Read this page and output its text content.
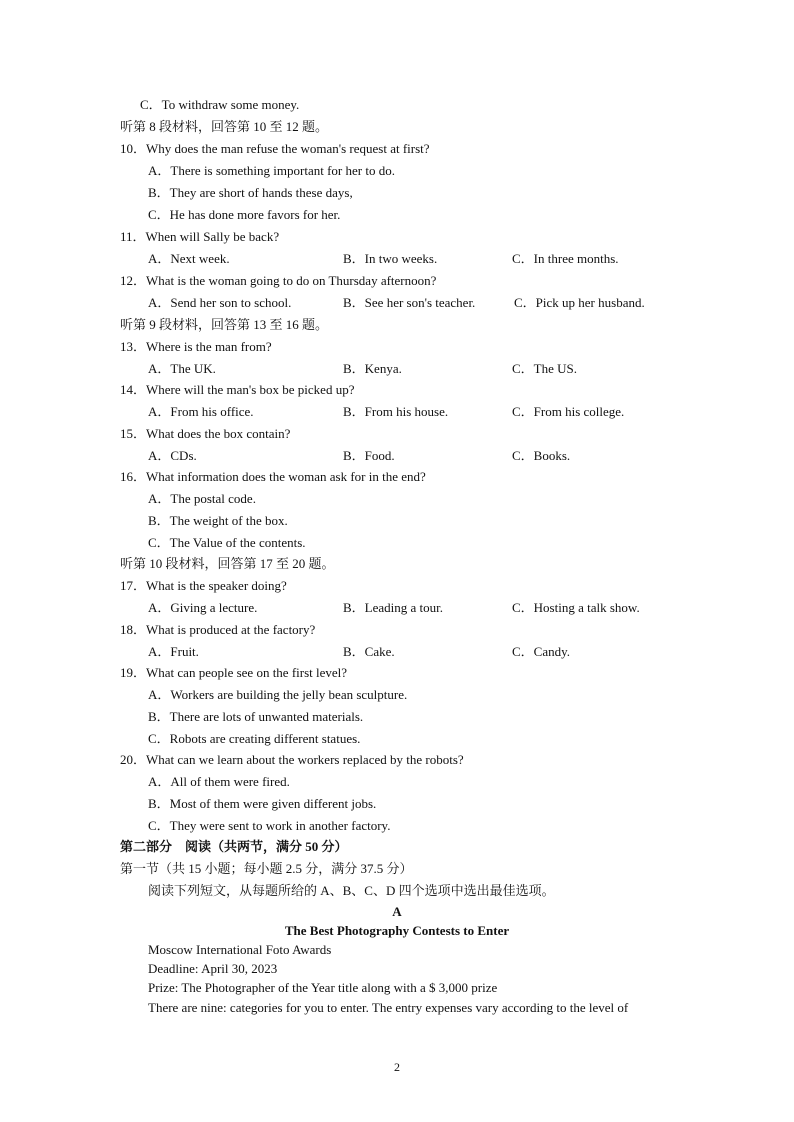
C．To withdraw some money.
听第 8 段材料，回答第 10 至 12 题。
10．Why does the man refuse the woman's request at first?
A．There is something important for her to do.
B．They are short of hands these days,
C．He has done more favors for her.
11．When will Sally be back?
A．Next week.	B．In two weeks.	C．In three months.
12．What is the woman going to do on Thursday afternoon?
A．Send her son to school.	B．See her son's teacher.	C．Pick up her husband.
听第 9 段材料，回答第 13 至 16 题。
13．Where is the man from?
A．The UK.	B．Kenya.	C．The US.
14．Where will the man's box be picked up?
A．From his office.	B．From his house.	C．From his college.
15．What does the box contain?
A．CDs.	B．Food.	C．Books.
16．What information does the woman ask for in the end?
A．The postal code.
B．The weight of the box.
C．The Value of the contents.
听第 10 段材料，回答第 17 至 20 题。
17．What is the speaker doing?
A．Giving a lecture.	B．Leading a tour.	C．Hosting a talk show.
18．What is produced at the factory?
A．Fruit.	B．Cake.	C．Candy.
19．What can people see on the first level?
A．Workers are building the jelly bean sculpture.
B．There are lots of unwanted materials.
C．Robots are creating different statues.
20．What can we learn about the workers replaced by the robots?
A．All of them were fired.
B．Most of them were given different jobs.
C．They were sent to work in another factory.
第二部分　阅读（共两节，满分 50 分）
第一节（共 15 小题；每小题 2.5 分，满分 37.5 分）
阅读下列短文，从每题所给的 A、B、C、D 四个选项中选出最佳选项。
A
The Best Photography Contests to Enter
Moscow International Foto Awards
Deadline: April 30, 2023
Prize: The Photographer of the Year title along with a $ 3,000 prize
There are nine: categories for you to enter. The entry expenses vary according to the level of
2
